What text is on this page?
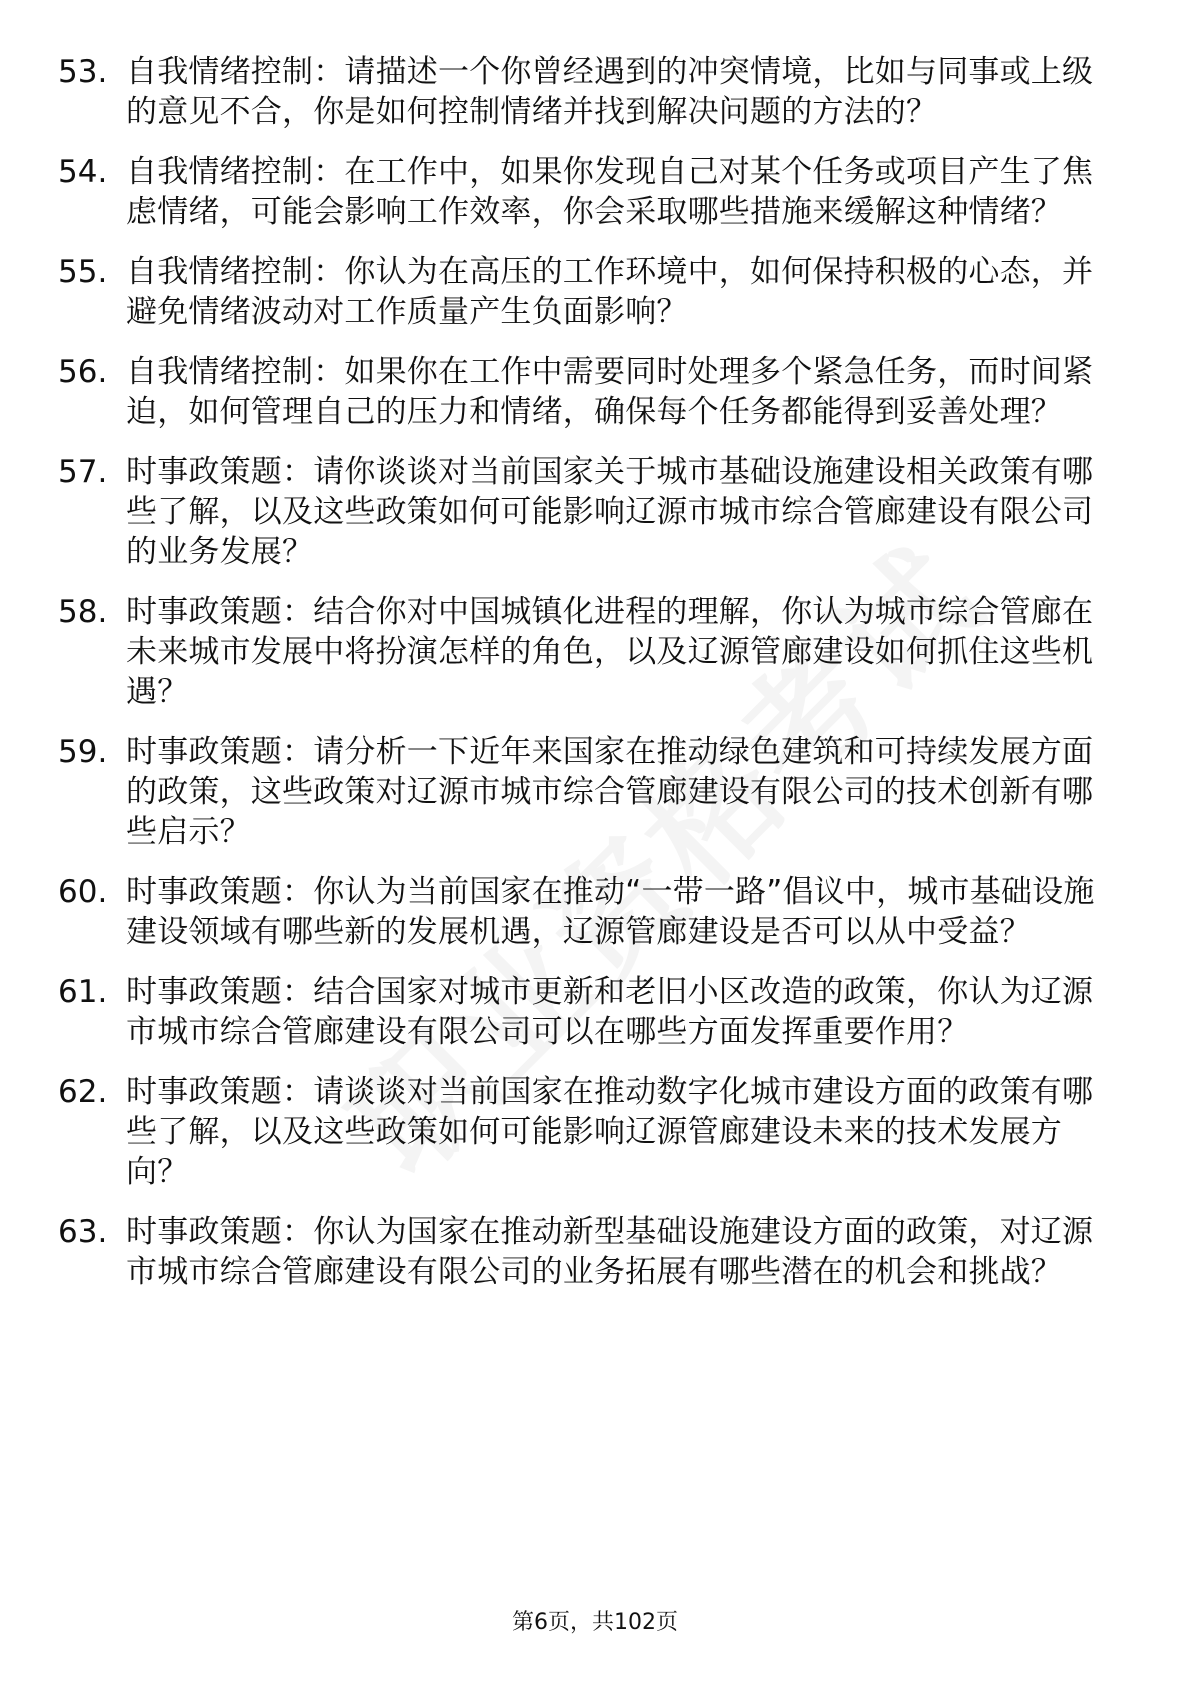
53. 自我情绪控制：请描述一个你曾经遇到的冲突情境，比如与同事或上级的意见不合，你是如何控制情绪并找到解决问题的方法的？
54. 自我情绪控制：在工作中，如果你发现自己对某个任务或项目产生了焦虑情绪，可能会影响工作效率，你会采取哪些措施来缓解这种情绪？
55. 自我情绪控制：你认为在高压的工作环境中，如何保持积极的心态，并避免情绪波动对工作质量产生负面影响？
56. 自我情绪控制：如果你在工作中需要同时处理多个紧急任务，而时间紧迫，如何管理自己的压力和情绪，确保每个任务都能得到妥善处理？
57. 时事政策题：请你谈谈对当前国家关于城市基础设施建设相关政策有哪些了解，以及这些政策如何可能影响辽源市城市综合管廊建设有限公司的业务发展？
58. 时事政策题：结合你对中国城镇化进程的理解，你认为城市综合管廊在未来城市发展中将扮演怎样的角色，以及辽源管廊建设如何抓住这些机遇？
59. 时事政策题：请分析一下近年来国家在推动绿色建筑和可持续发展方面的政策，这些政策对辽源市城市综合管廊建设有限公司的技术创新有哪些启示？
60. 时事政策题：你认为当前国家在推动“一带一路”倡议中，城市基础设施建设领域有哪些新的发展机遇，辽源管廊建设是否可以从中受益？
61. 时事政策题：结合国家对城市更新和老旧小区改造的政策，你认为辽源市城市综合管廊建设有限公司可以在哪些方面发挥重要作用？
62. 时事政策题：请谈谈对当前国家在推动数字化城市建设方面的政策有哪些了解，以及这些政策如何可能影响辽源管廊建设未来的技术发展方向？
63. 时事政策题：你认为国家在推动新型基础设施建设方面的政策，对辽源市城市综合管廊建设有限公司的业务拓展有哪些潜在的机会和挑战？
第6页，共102页
